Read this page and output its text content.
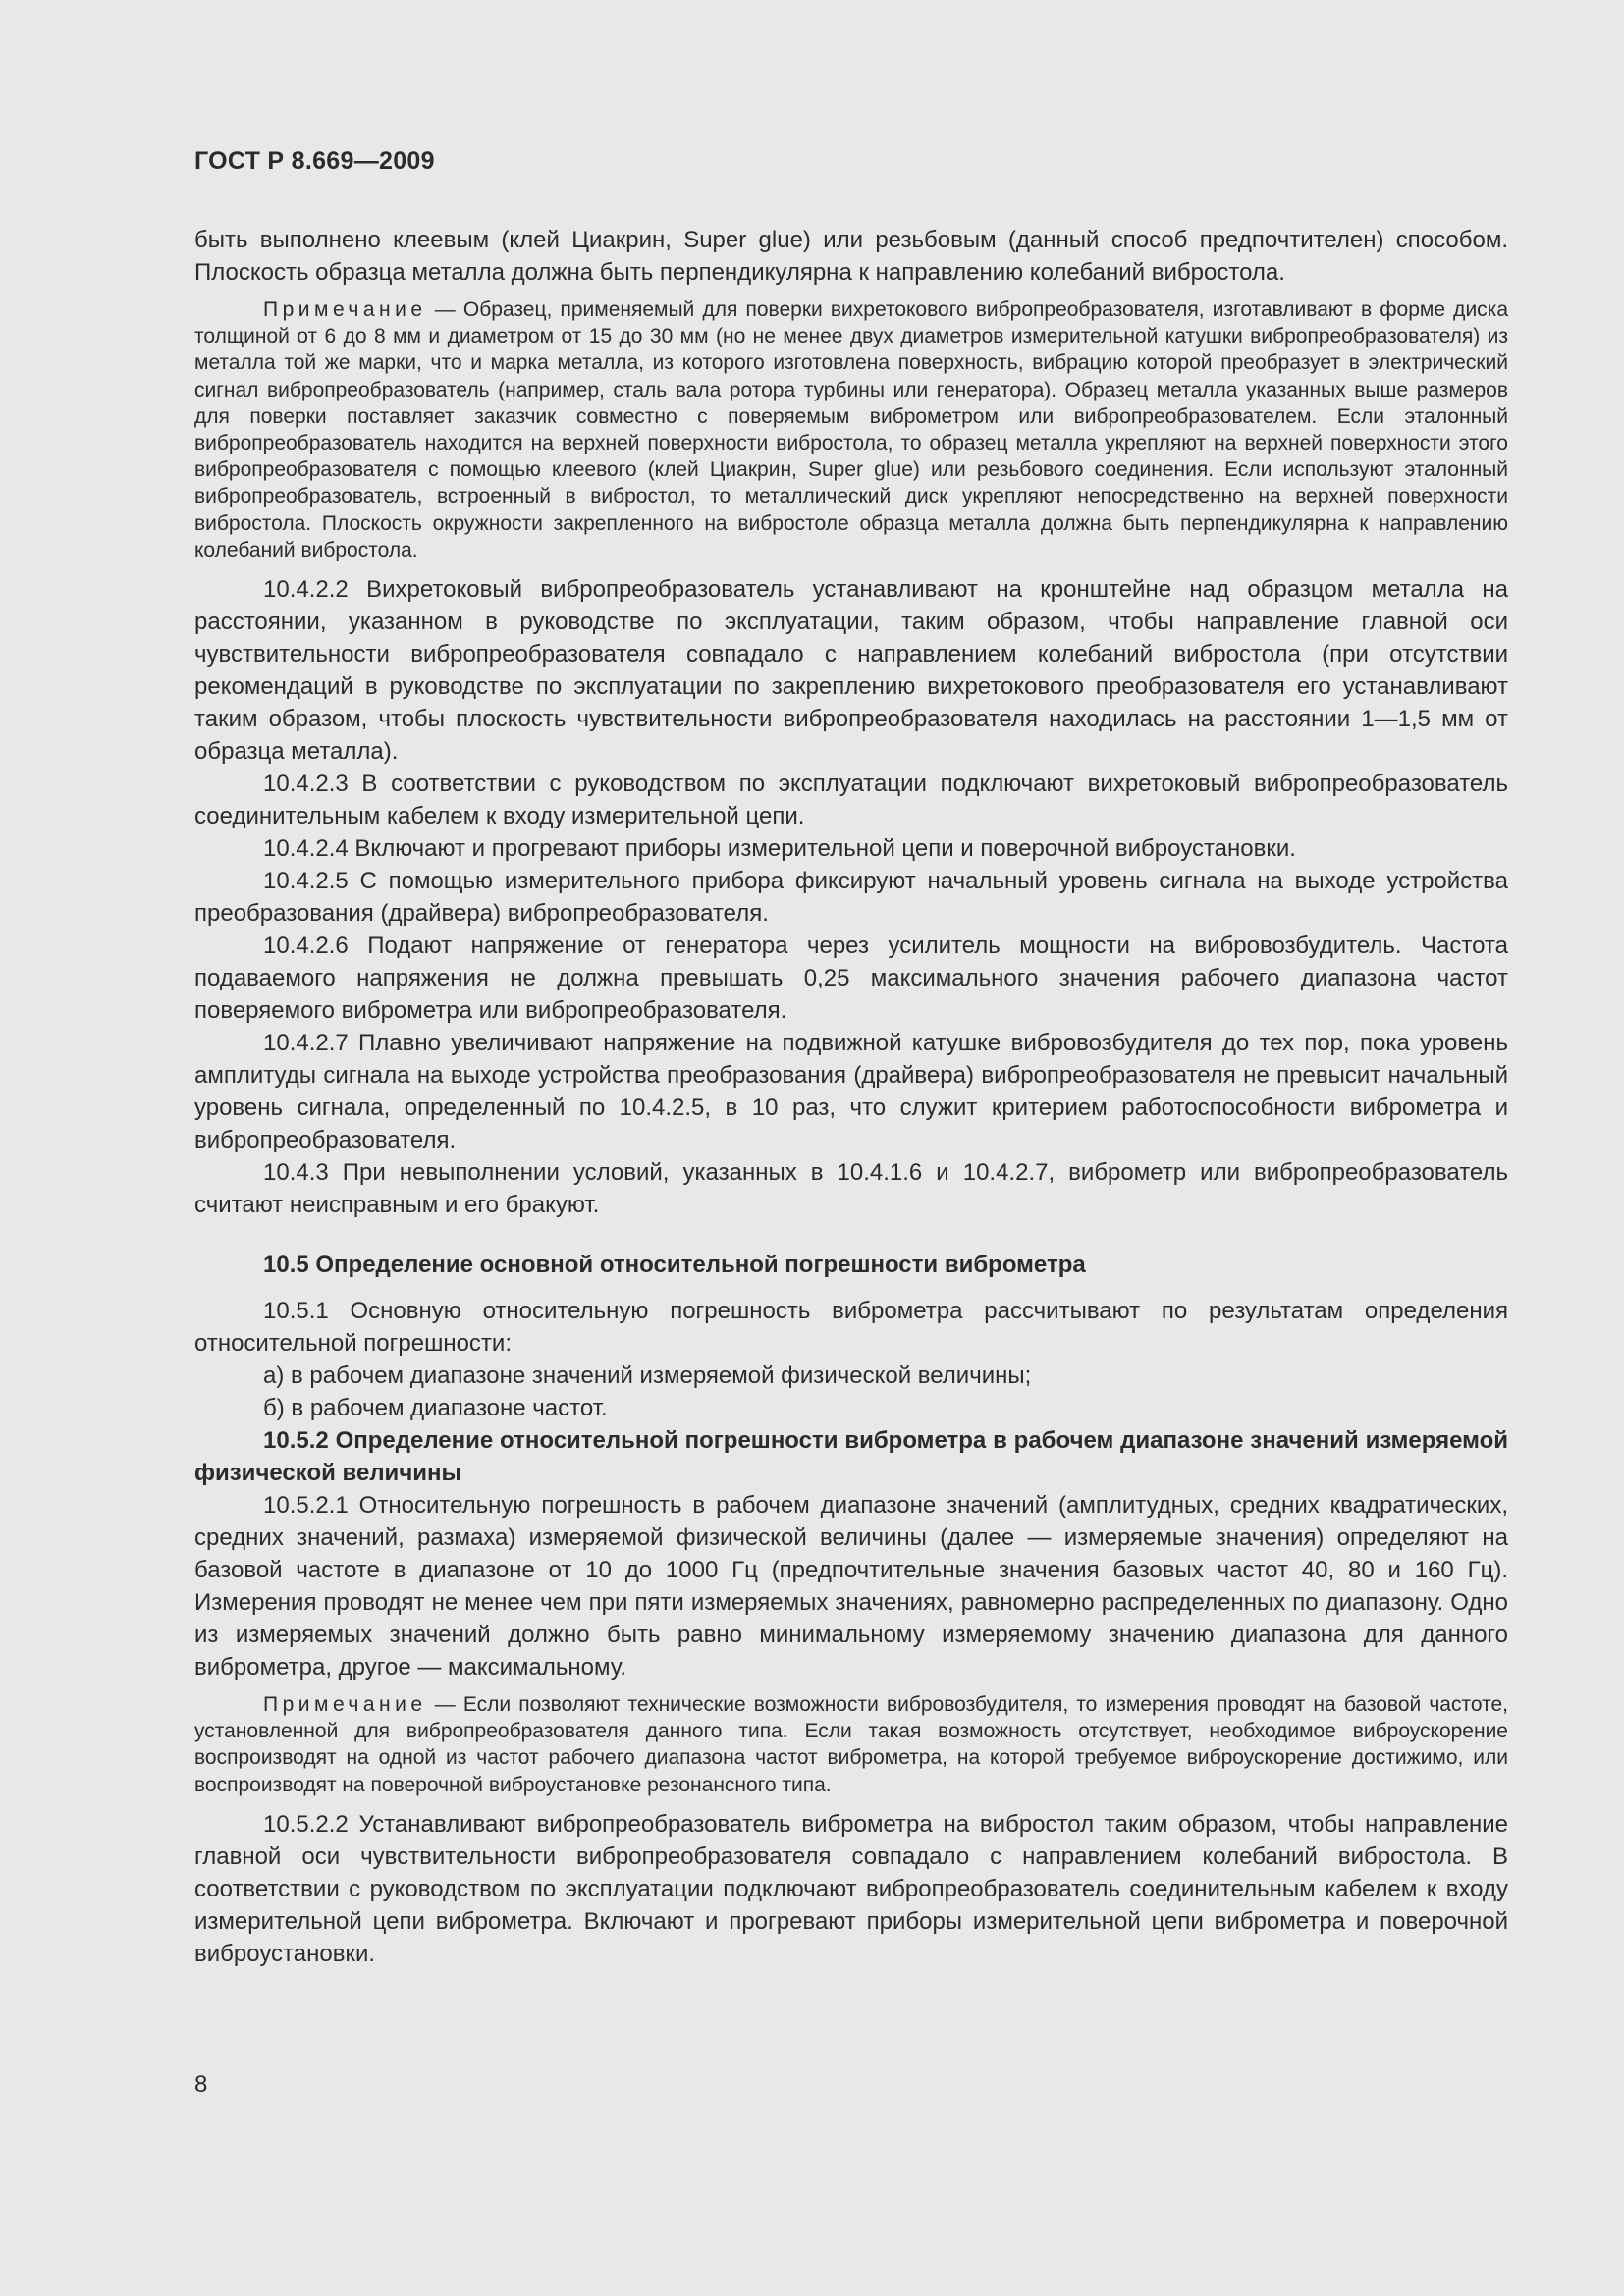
ГОСТ Р 8.669—2009

быть выполнено клеевым (клей Циакрин, Super glue) или резьбовым (данный способ предпочтителен) способом. Плоскость образца металла должна быть перпендикулярна к направлению колебаний вибростола.

Примечание — Образец, применяемый для поверки вихретокового вибропреобразователя, изготавливают в форме диска толщиной от 6 до 8 мм и диаметром от 15 до 30 мм (но не менее двух диаметров измерительной катушки вибропреобразователя) из металла той же марки, что и марка металла, из которого изготовлена поверхность, вибрацию которой преобразует в электрический сигнал вибропреобразователь (например, сталь вала ротора турбины или генератора). Образец металла указанных выше размеров для поверки поставляет заказчик совместно с поверяемым виброметром или вибропреобразователем. Если эталонный вибропреобразователь находится на верхней поверхности вибростола, то образец металла укрепляют на верхней поверхности этого вибропреобразователя с помощью клеевого (клей Циакрин, Super glue) или резьбового соединения. Если используют эталонный вибропреобразователь, встроенный в вибростол, то металлический диск укрепляют непосредственно на верхней поверхности вибростола. Плоскость окружности закрепленного на вибростоле образца металла должна быть перпендикулярна к направлению колебаний вибростола.

10.4.2.2 Вихретоковый вибропреобразователь устанавливают на кронштейне над образцом металла на расстоянии, указанном в руководстве по эксплуатации, таким образом, чтобы направление главной оси чувствительности вибропреобразователя совпадало с направлением колебаний вибростола (при отсутствии рекомендаций в руководстве по эксплуатации по закреплению вихретокового преобразователя его устанавливают таким образом, чтобы плоскость чувствительности вибропреобразователя находилась на расстоянии 1—1,5 мм от образца металла).

10.4.2.3 В соответствии с руководством по эксплуатации подключают вихретоковый вибропреобразователь соединительным кабелем к входу измерительной цепи.

10.4.2.4 Включают и прогревают приборы измерительной цепи и поверочной виброустановки.

10.4.2.5 С помощью измерительного прибора фиксируют начальный уровень сигнала на выходе устройства преобразования (драйвера) вибропреобразователя.

10.4.2.6 Подают напряжение от генератора через усилитель мощности на вибровозбудитель. Частота подаваемого напряжения не должна превышать 0,25 максимального значения рабочего диапазона частот поверяемого виброметра или вибропреобразователя.

10.4.2.7 Плавно увеличивают напряжение на подвижной катушке вибровозбудителя до тех пор, пока уровень амплитуды сигнала на выходе устройства преобразования (драйвера) вибропреобразователя не превысит начальный уровень сигнала, определенный по 10.4.2.5, в 10 раз, что служит критерием работоспособности виброметра и вибропреобразователя.

10.4.3 При невыполнении условий, указанных в 10.4.1.6 и 10.4.2.7, виброметр или вибропреобразователь считают неисправным и его бракуют.

10.5 Определение основной относительной погрешности виброметра

10.5.1 Основную относительную погрешность виброметра рассчитывают по результатам определения относительной погрешности:

а) в рабочем диапазоне значений измеряемой физической величины;

б) в рабочем диапазоне частот.

10.5.2 Определение относительной погрешности виброметра в рабочем диапазоне значений измеряемой физической величины

10.5.2.1 Относительную погрешность в рабочем диапазоне значений (амплитудных, средних квадратических, средних значений, размаха) измеряемой физической величины (далее — измеряемые значения) определяют на базовой частоте в диапазоне от 10 до 1000 Гц (предпочтительные значения базовых частот 40, 80 и 160 Гц). Измерения проводят не менее чем при пяти измеряемых значениях, равномерно распределенных по диапазону. Одно из измеряемых значений должно быть равно минимальному измеряемому значению диапазона для данного виброметра, другое — максимальному.

Примечание — Если позволяют технические возможности вибровозбудителя, то измерения проводят на базовой частоте, установленной для вибропреобразователя данного типа. Если такая возможность отсутствует, необходимое виброускорение воспроизводят на одной из частот рабочего диапазона частот виброметра, на которой требуемое виброускорение достижимо, или воспроизводят на поверочной виброустановке резонансного типа.

10.5.2.2 Устанавливают вибропреобразователь виброметра на вибростол таким образом, чтобы направление главной оси чувствительности вибропреобразователя совпадало с направлением колебаний вибростола. В соответствии с руководством по эксплуатации подключают вибропреобразователь соединительным кабелем к входу измерительной цепи виброметра. Включают и прогревают приборы измерительной цепи виброметра и поверочной виброустановки.

8
